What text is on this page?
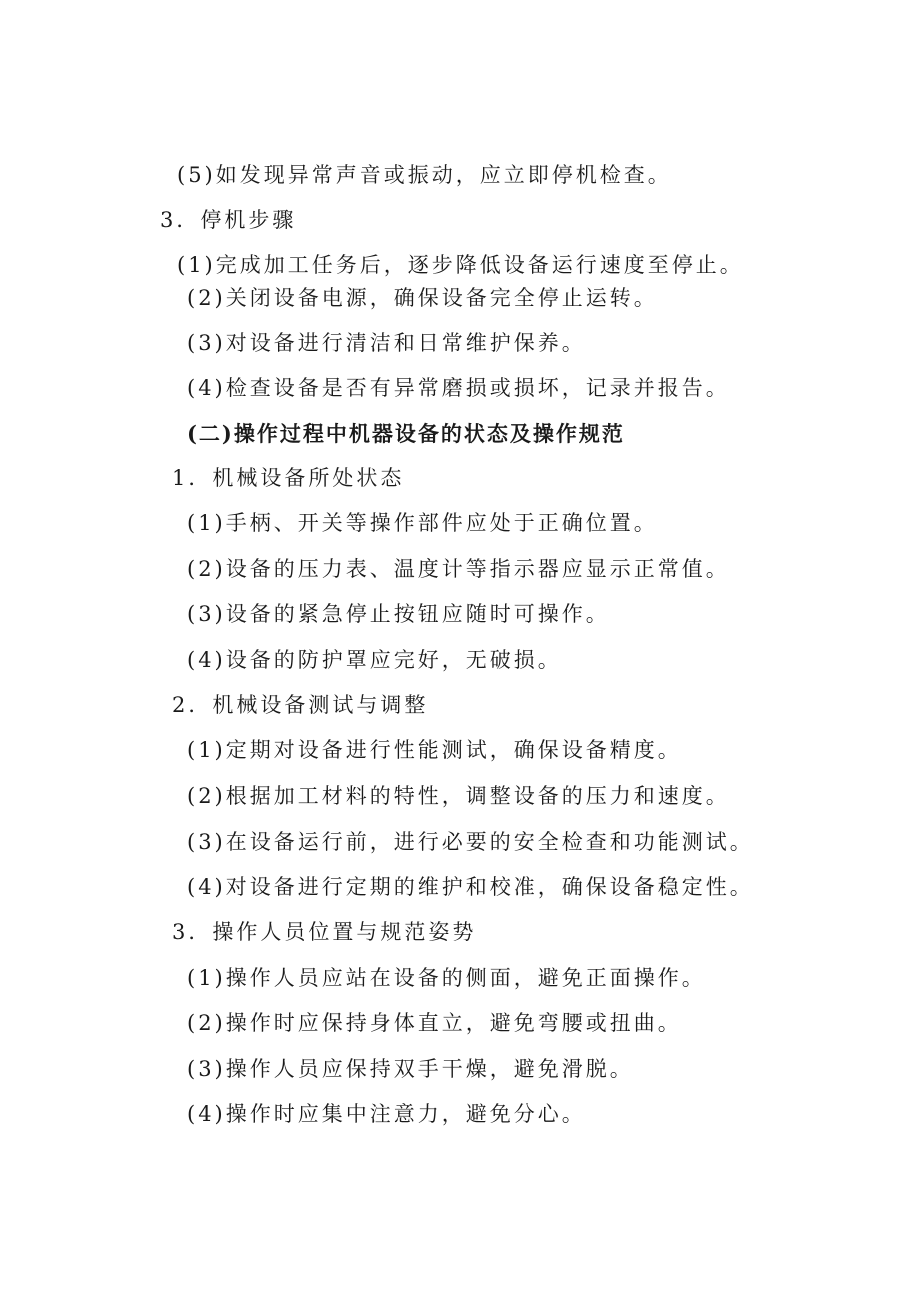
(5)如发现异常声音或振动，应立即停机检查。
3．停机步骤
(1)完成加工任务后，逐步降低设备运行速度至停止。
(2)关闭设备电源，确保设备完全停止运转。
(3)对设备进行清洁和日常维护保养。
(4)检查设备是否有异常磨损或损坏，记录并报告。
(二)操作过程中机器设备的状态及操作规范
1．机械设备所处状态
(1)手柄、开关等操作部件应处于正确位置。
(2)设备的压力表、温度计等指示器应显示正常值。
(3)设备的紧急停止按钮应随时可操作。
(4)设备的防护罩应完好，无破损。
2．机械设备测试与调整
(1)定期对设备进行性能测试，确保设备精度。
(2)根据加工材料的特性，调整设备的压力和速度。
(3)在设备运行前，进行必要的安全检查和功能测试。
(4)对设备进行定期的维护和校准，确保设备稳定性。
3．操作人员位置与规范姿势
(1)操作人员应站在设备的侧面，避免正面操作。
(2)操作时应保持身体直立，避免弯腰或扭曲。
(3)操作人员应保持双手干燥，避免滑脱。
(4)操作时应集中注意力，避免分心。
